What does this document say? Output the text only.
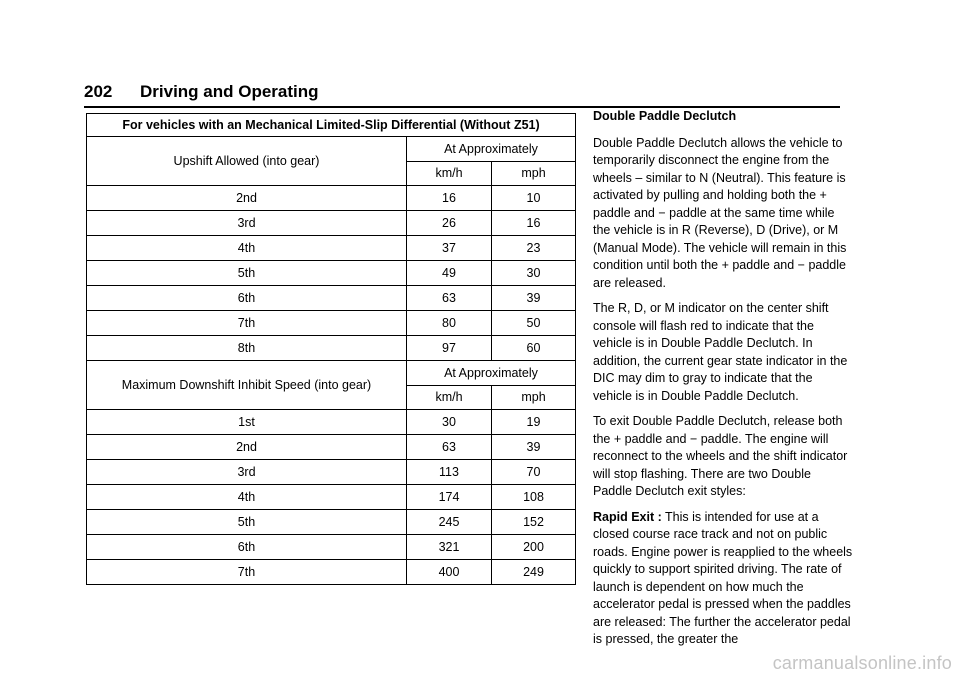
202 Driving and Operating
For vehicles with an Mechanical Limited-Slip Differential (Without Z51)		
Upshift Allowed (into gear)	At Approximately	
	km/h	mph
2nd	16	10
3rd	26	16
4th	37	23
5th	49	30
6th	63	39
7th	80	50
8th	97	60
Maximum Downshift Inhibit Speed (into gear)	At Approximately	
	km/h	mph
1st	30	19
2nd	63	39
3rd	113	70
4th	174	108
5th	245	152
6th	321	200
7th	400	249

Double Paddle Declutch

Double Paddle Declutch allows the vehicle to temporarily disconnect the engine from the wheels – similar to N (Neutral). This feature is activated by pulling and holding both the + paddle and − paddle at the same time while the vehicle is in R (Reverse), D (Drive), or M (Manual Mode). The vehicle will remain in this condition until both the + paddle and − paddle are released.

The R, D, or M indicator on the center shift console will flash red to indicate that the vehicle is in Double Paddle Declutch. In addition, the current gear state indicator in the DIC may dim to gray to indicate that the vehicle is in Double Paddle Declutch.

To exit Double Paddle Declutch, release both the + paddle and − paddle. The engine will reconnect to the wheels and the shift indicator will stop flashing. There are two Double Paddle Declutch exit styles:

Rapid Exit : This is intended for use at a closed course race track and not on public roads. Engine power is reapplied to the wheels quickly to support spirited driving. The rate of launch is dependent on how much the accelerator pedal is pressed when the paddles are released: The further the accelerator pedal is pressed, the greater the

carmanualsonline.info
